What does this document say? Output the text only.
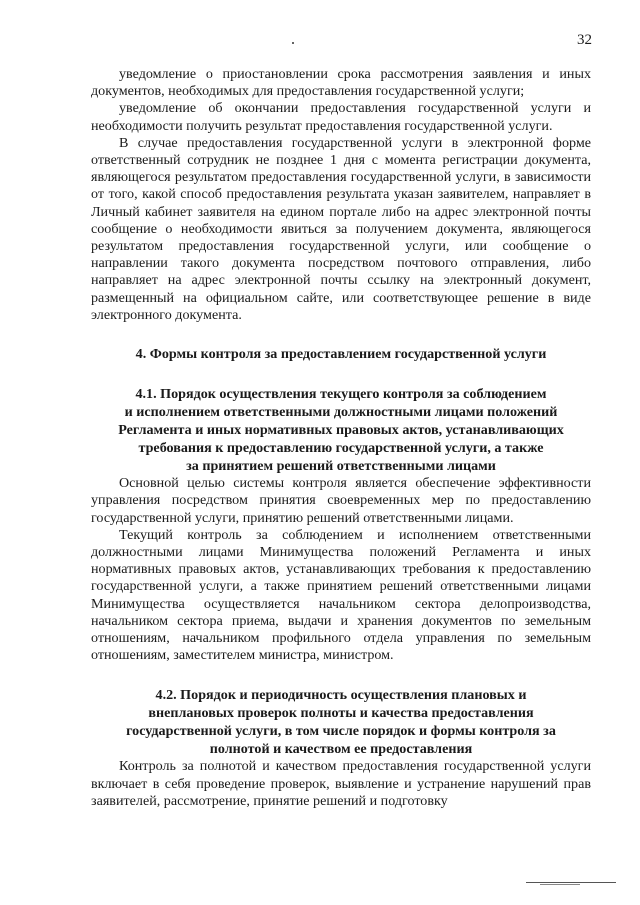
32

уведомление о приостановлении срока рассмотрения заявления и иных документов, необходимых для предоставления государственной услуги;

уведомление об окончании предоставления государственной услуги и необходимости получить результат предоставления государственной услуги.

В случае предоставления государственной услуги в электронной форме ответственный сотрудник не позднее 1 дня с момента регистрации документа, являющегося результатом предоставления государственной услуги, в зависимости от того, какой способ предоставления результата указан заявителем, направляет в Личный кабинет заявителя на едином портале либо на адрес электронной почты сообщение о необходимости явиться за получением документа, являющегося результатом предоставления государственной услуги, или сообщение о направлении такого документа посредством почтового отправления, либо направляет на адрес электронной почты ссылку на электронный документ, размещенный на официальном сайте, или соответствующее решение в виде электронного документа.

4. Формы контроля за предоставлением государственной услуги
4.1. Порядок осуществления текущего контроля за соблюдением
и исполнением ответственными должностными лицами положений
Регламента и иных нормативных правовых актов, устанавливающих
требования к предоставлению государственной услуги, а также
за принятием решений ответственными лицами

Основной целью системы контроля является обеспечение эффективности управления посредством принятия своевременных мер по предоставлению государственной услуги, принятию решений ответственными лицами.

Текущий контроль за соблюдением и исполнением ответственными должностными лицами Минимущества положений Регламента и иных нормативных правовых актов, устанавливающих требования к предоставлению государственной услуги, а также принятием решений ответственными лицами Минимущества осуществляется начальником сектора делопроизводства, начальником сектора приема, выдачи и хранения документов по земельным отношениям, начальником профильного отдела управления по земельным отношениям, заместителем министра, министром.

4.2. Порядок и периодичность осуществления плановых и
внеплановых проверок полноты и качества предоставления
государственной услуги, в том числе порядок и формы контроля за
полнотой и качеством ее предоставления

Контроль за полнотой и качеством предоставления государственной услуги включает в себя проведение проверок, выявление и устранение нарушений прав заявителей, рассмотрение, принятие решений и подготовку
